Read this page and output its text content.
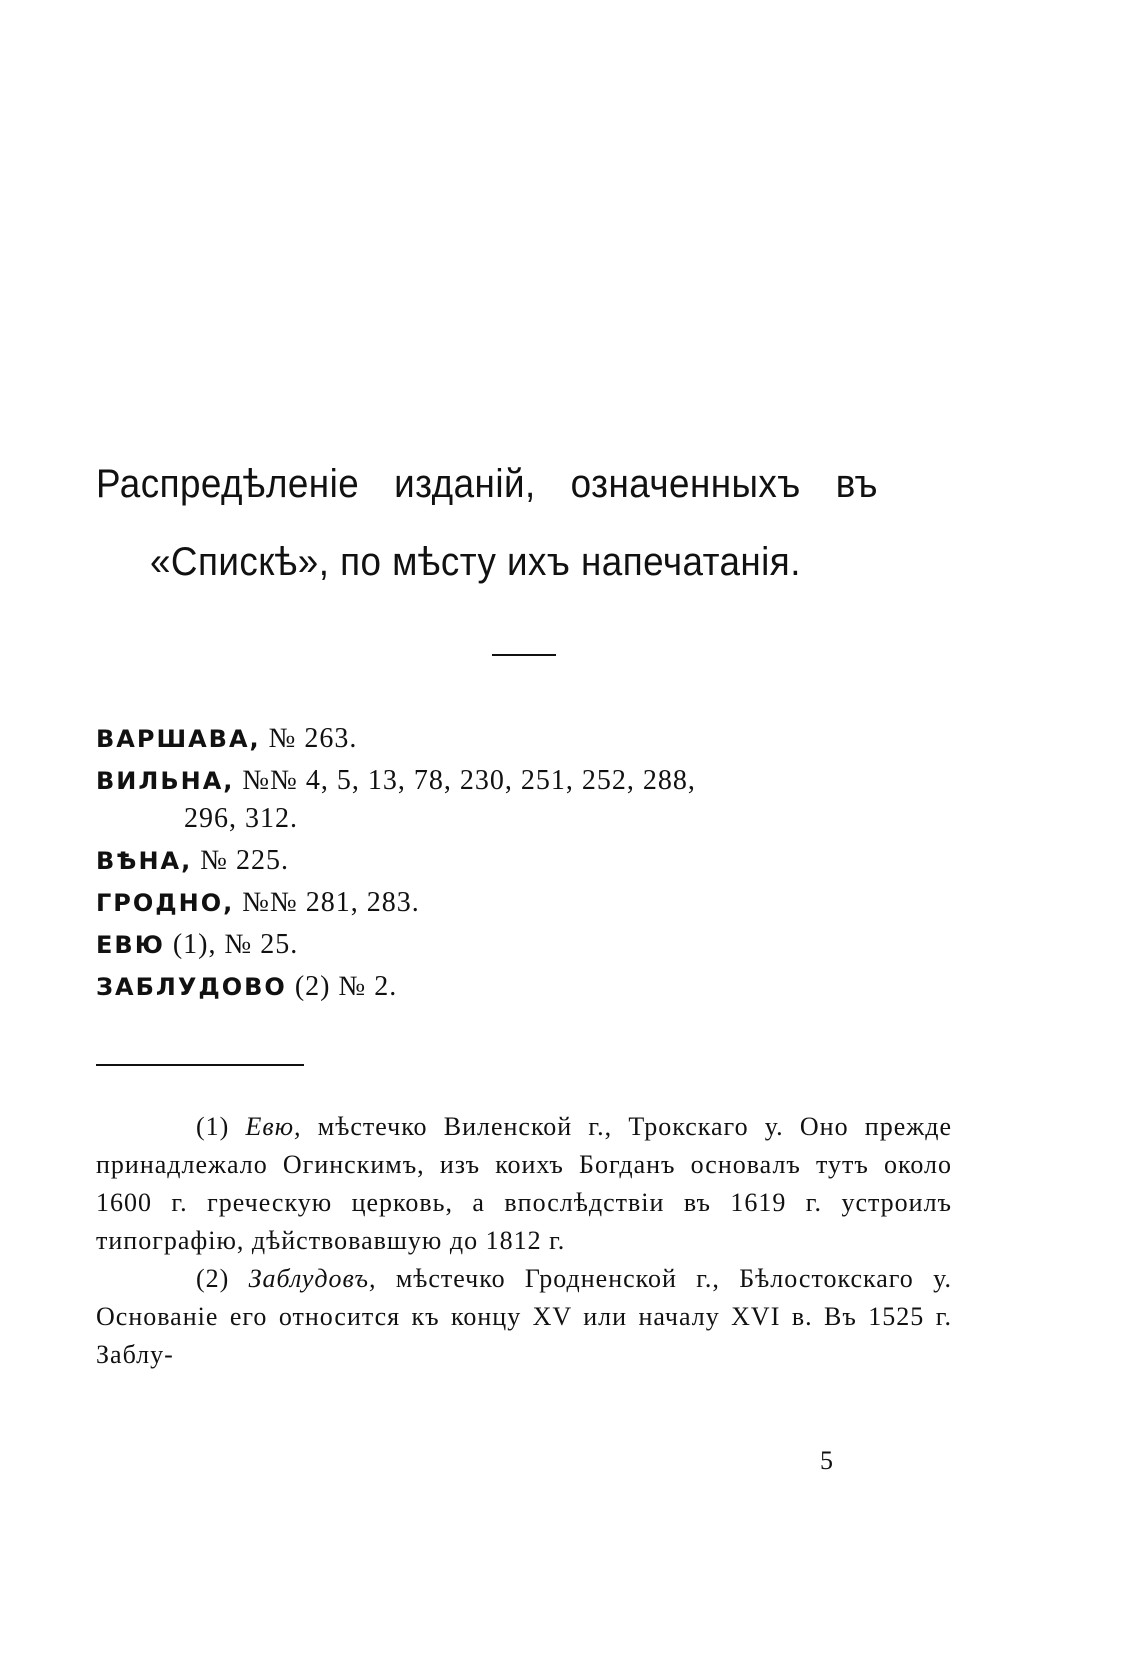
Распредѣленіе изданій, означенныхъ въ
«Спискѣ», по мѣсту ихъ напечатанія.
ВАРШАВА, № 263.
ВИЛЬНА, №№ 4, 5, 13, 78, 230, 251, 252, 288,
296, 312.
ВѢНА, № 225.
ГРОДНО, №№ 281, 283.
ЕВЮ (1), № 25.
ЗАБЛУДОВО (2) № 2.

(1) Евю, мѣстечко Виленской г., Трокскаго у. Оно прежде принадлежало Огинскимъ, изъ коихъ Богданъ основалъ тутъ около 1600 г. греческую церковь, а впослѣдствіи въ 1619 г. устроилъ типографію, дѣйствовавшую до 1812 г.

(2) Заблудовъ, мѣстечко Гродненской г., Бѣлостокскаго у. Основаніе его относится къ концу XV или началу XVI в. Въ 1525 г. Заблу-

5
